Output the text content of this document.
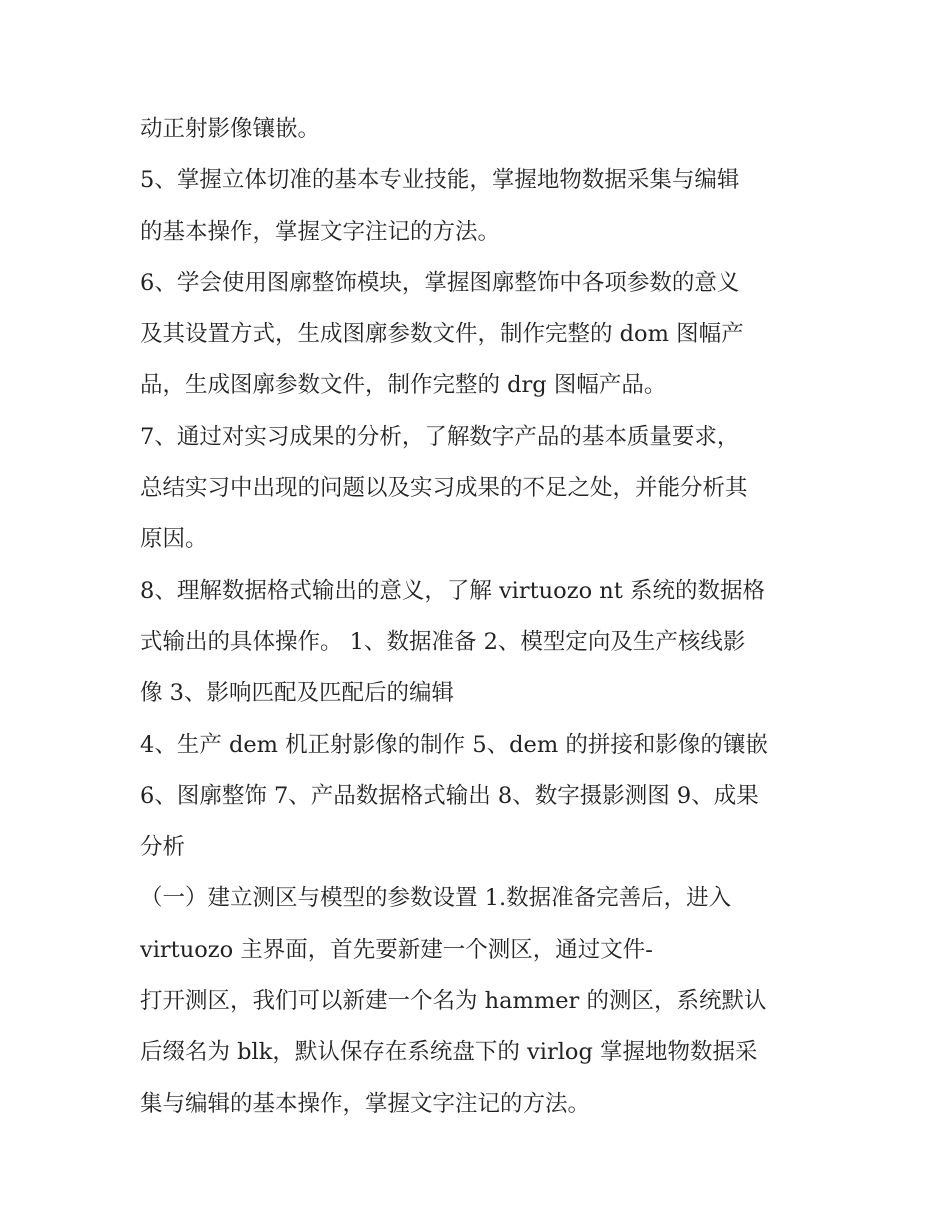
动正射影像镶嵌。
5、掌握立体切准的基本专业技能，掌握地物数据采集与编辑
的基本操作，掌握文字注记的方法。
6、学会使用图廓整饰模块，掌握图廓整饰中各项参数的意义
及其设置方式，生成图廓参数文件，制作完整的 dom 图幅产
品，生成图廓参数文件，制作完整的 drg 图幅产品。
7、通过对实习成果的分析，了解数字产品的基本质量要求，
总结实习中出现的问题以及实习成果的不足之处，并能分析其
原因。
8、理解数据格式输出的意义，了解 virtuozo nt 系统的数据格
式输出的具体操作。 1、数据准备 2、模型定向及生产核线影
像 3、影响匹配及匹配后的编辑
4、生产 dem 机正射影像的制作 5、dem 的拼接和影像的镶嵌
6、图廓整饰 7、产品数据格式输出 8、数字摄影测图 9、成果
分析
（一）建立测区与模型的参数设置 1.数据准备完善后，进入
virtuozo 主界面，首先要新建一个测区，通过文件-
打开测区，我们可以新建一个名为 hammer 的测区，系统默认
后缀名为 blk，默认保存在系统盘下的 virlog 掌握地物数据采
集与编辑的基本操作，掌握文字注记的方法。
